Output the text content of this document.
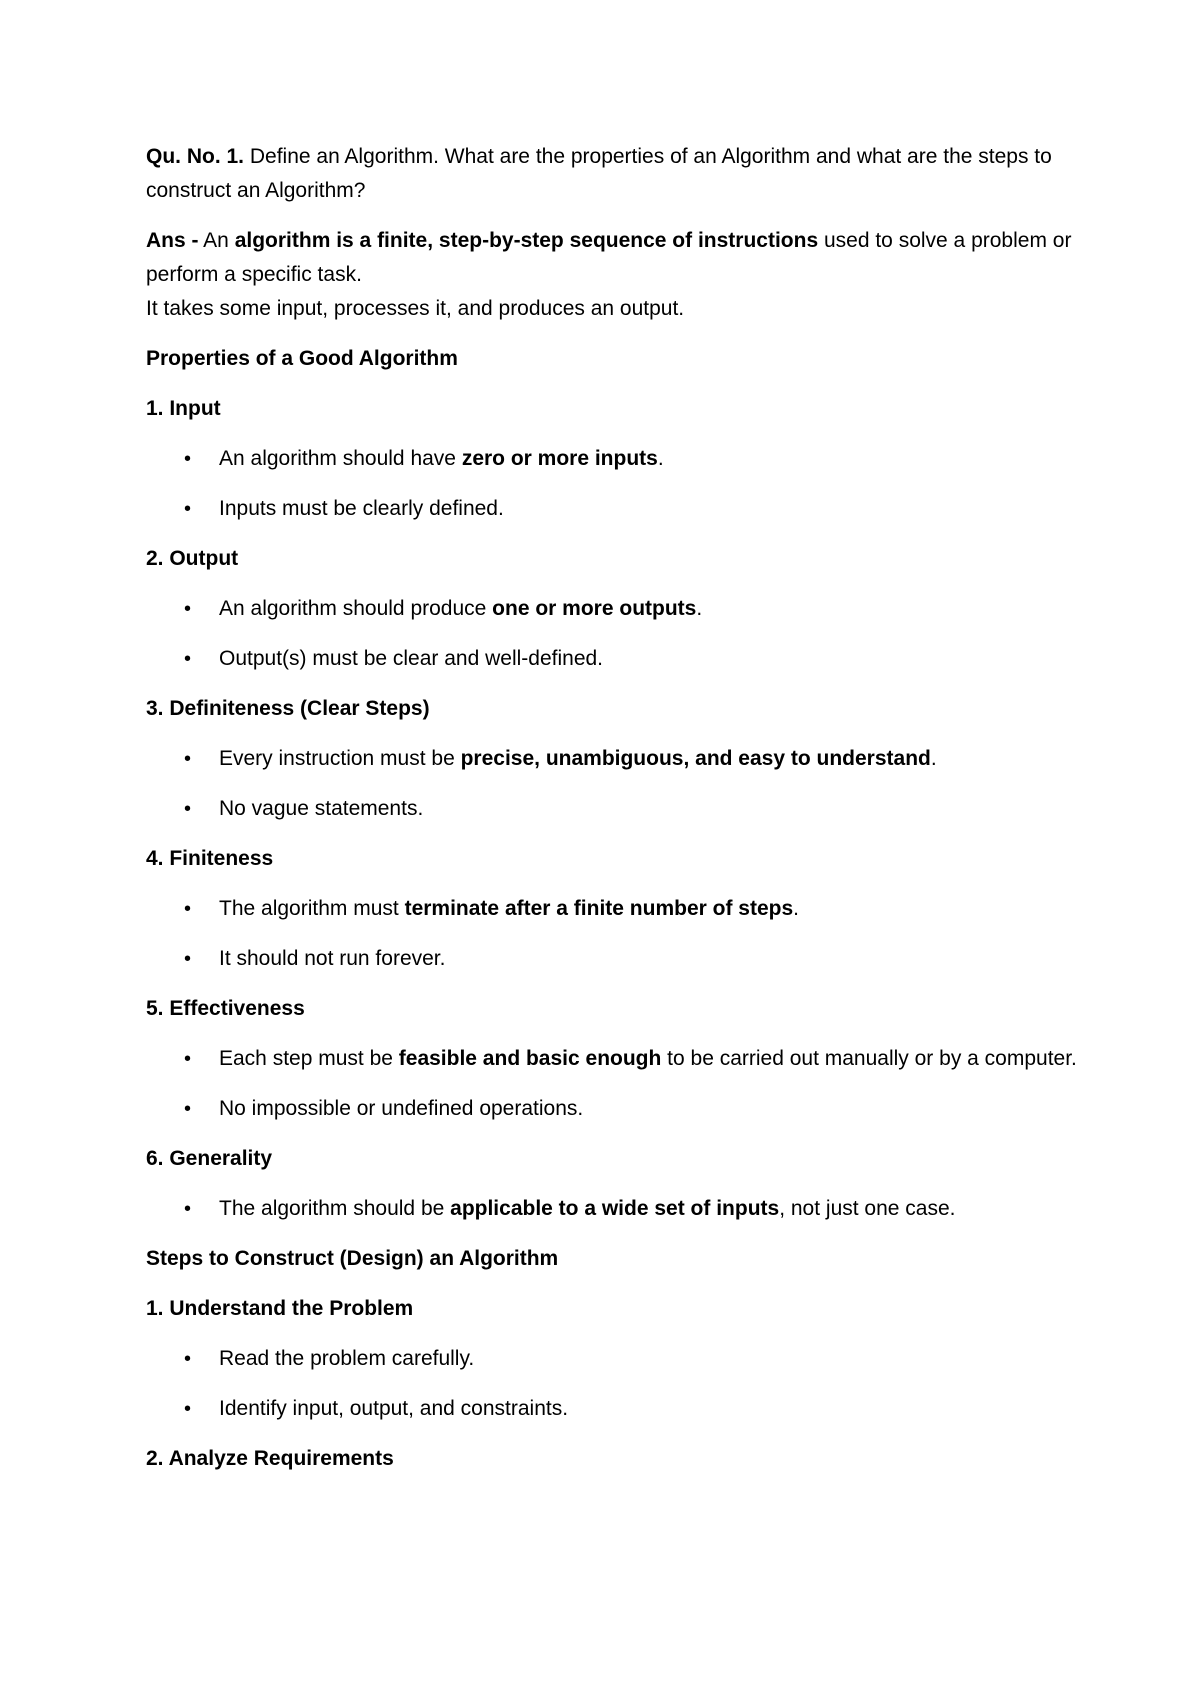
Qu. No. 1. Define an Algorithm. What are the properties of an Algorithm and what are the steps to construct an Algorithm?

Ans - An algorithm is a finite, step-by-step sequence of instructions used to solve a problem or perform a specific task.

It takes some input, processes it, and produces an output.

Properties of a Good Algorithm

1. Input

• An algorithm should have zero or more inputs.
• Inputs must be clearly defined.

2. Output

• An algorithm should produce one or more outputs.
• Output(s) must be clear and well-defined.

3. Definiteness (Clear Steps)

• Every instruction must be precise, unambiguous, and easy to understand.
• No vague statements.

4. Finiteness

• The algorithm must terminate after a finite number of steps.
• It should not run forever.

5. Effectiveness

• Each step must be feasible and basic enough to be carried out manually or by a computer.
• No impossible or undefined operations.

6. Generality

• The algorithm should be applicable to a wide set of inputs, not just one case.

Steps to Construct (Design) an Algorithm

1. Understand the Problem

• Read the problem carefully.
• Identify input, output, and constraints.

2. Analyze Requirements
